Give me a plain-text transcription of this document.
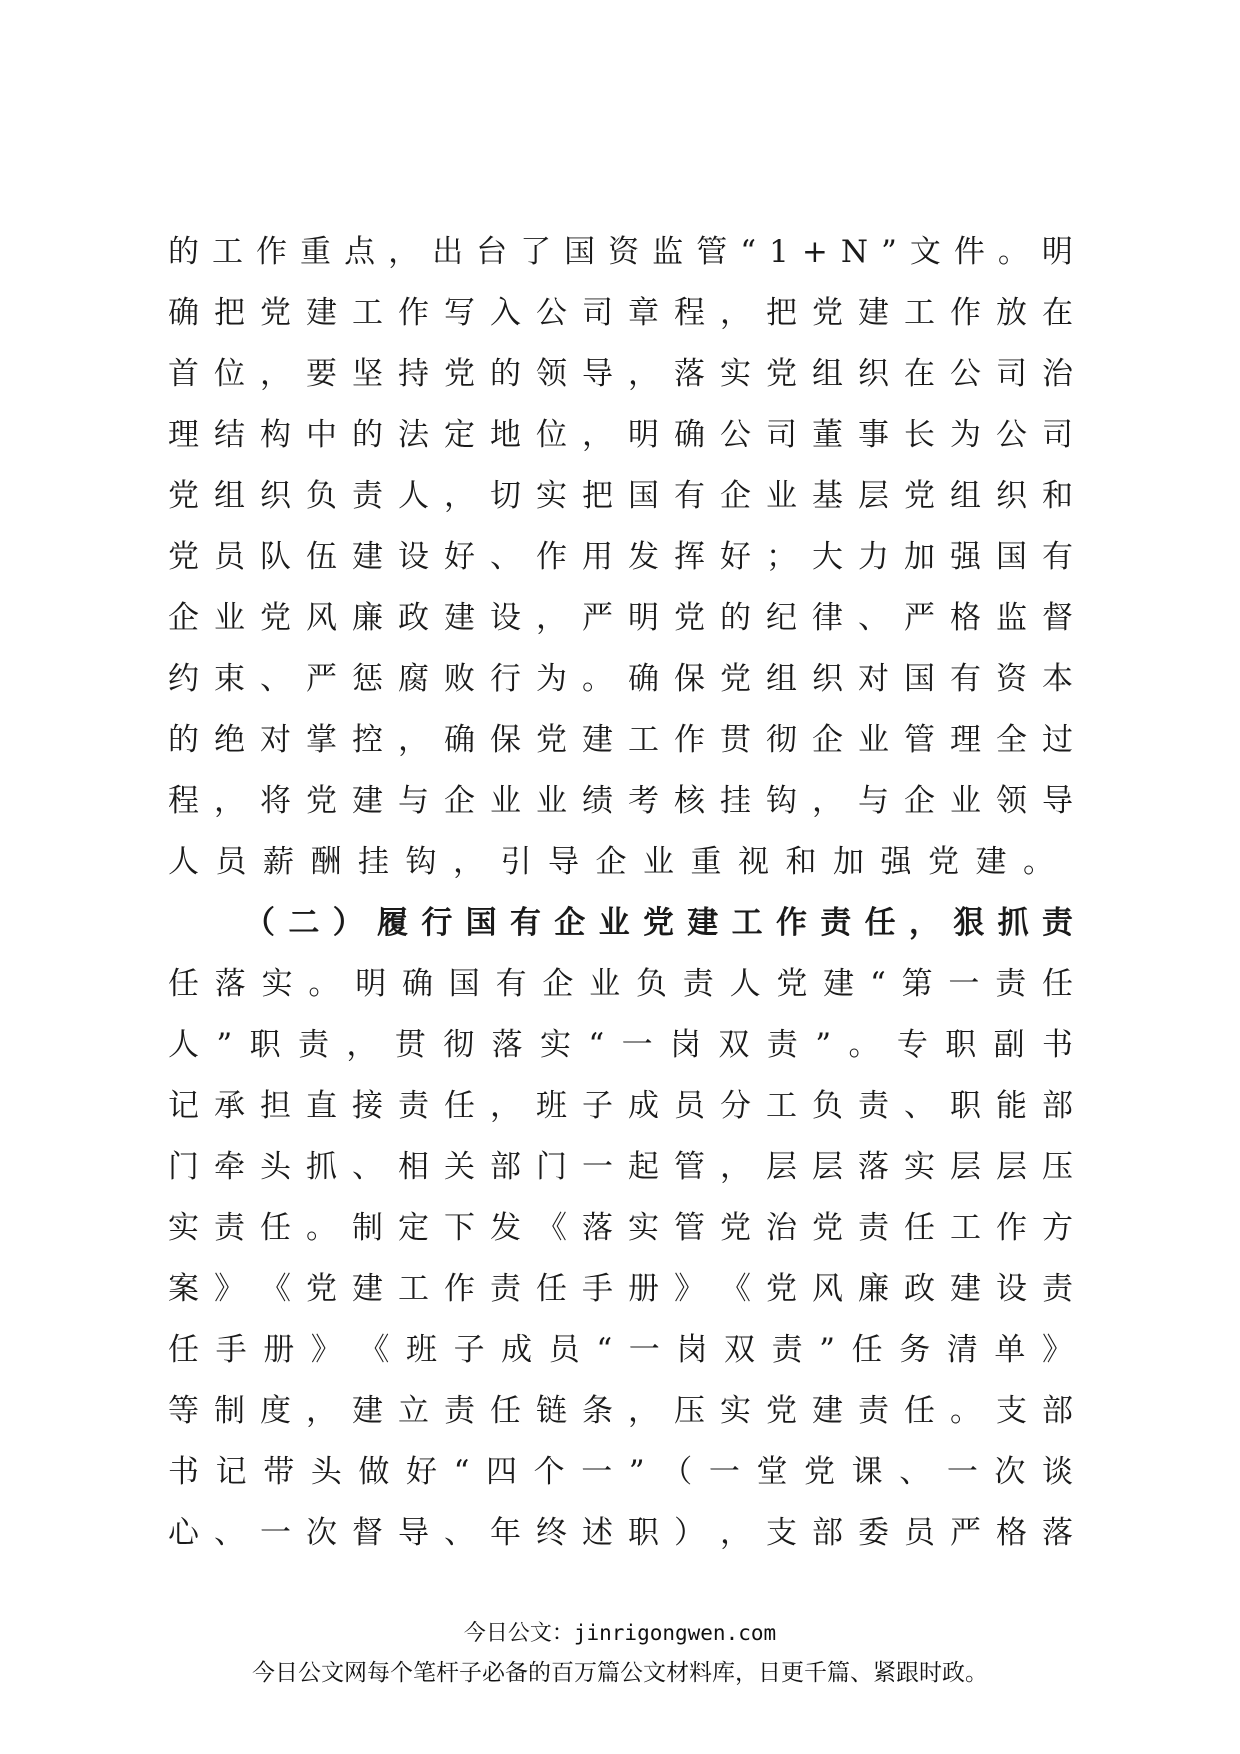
的 工 作 重 点 ， 出 台 了 国 资 监 管 “ 1 + N ” 文 件 。 明
确 把 党 建 工 作 写 入 公 司 章 程 ， 把 党 建 工 作 放 在
首 位 ， 要 坚 持 党 的 领 导 ， 落 实 党 组 织 在 公 司 治
理 结 构 中 的 法 定 地 位 ， 明 确 公 司 董 事 长 为 公 司
党 组 织 负 责 人 ， 切 实 把 国 有 企 业 基 层 党 组 织 和
党 员 队 伍 建 设 好 、 作 用 发 挥 好 ； 大 力 加 强 国 有
企 业 党 风 廉 政 建 设 ， 严 明 党 的 纪 律 、 严 格 监 督
约 束 、 严 惩 腐 败 行 为 。 确 保 党 组 织 对 国 有 资 本
的 绝 对 掌 控 ， 确 保 党 建 工 作 贯 彻 企 业 管 理 全 过
程 ， 将 党 建 与 企 业 业 绩 考 核 挂 钩 ， 与 企 业 领 导
人员薪酬挂钩，引导企业重视和加强党建。
（ 二 ） 履 行 国 有 企 业 党 建 工 作 责 任 ， 狠 抓 责
任 落 实 。 明 确 国 有 企 业 负 责 人 党 建 “ 第 一 责 任
人 ” 职 责 ， 贯 彻 落 实 “ 一 岗 双 责 ” 。 专 职 副 书
记 承 担 直 接 责 任 ， 班 子 成 员 分 工 负 责 、 职 能 部
门 牵 头 抓 、 相 关 部 门 一 起 管 ， 层 层 落 实 层 层 压
实 责 任 。 制 定 下 发 《 落 实 管 党 治 党 责 任 工 作 方
案 》 《 党 建 工 作 责 任 手 册 》 《 党 风 廉 政 建 设 责
任 手 册 》 《 班 子 成 员 “ 一 岗 双 责 ” 任 务 清 单 》
等 制 度 ， 建 立 责 任 链 条 ， 压 实 党 建 责 任 。 支 部
书 记 带 头 做 好 “ 四 个 一 ” （ 一 堂 党 课 、 一 次 谈
心 、 一 次 督 导 、 年 终 述 职 ） ， 支 部 委 员 严 格 落
今日公文：jinrigongwen.com
今日公文网每个笔杆子必备的百万篇公文材料库，日更千篇、紧跟时政。
